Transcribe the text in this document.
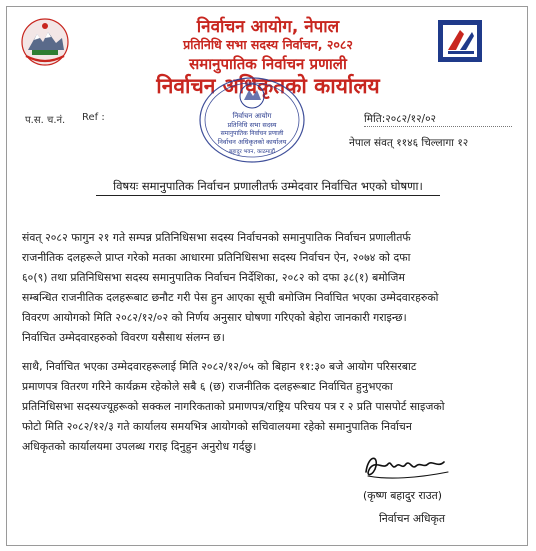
निर्वाचन आयोग, नेपाल
प्रतिनिधि सभा सदस्य निर्वाचन, २०८२
समानुपातिक निर्वाचन प्रणाली
निर्वाचन अधिकृतको कार्यालय
निर्वाचन आयोग
प्रतिनिधि सभा सदस्य
समानुपातिक निर्वाचन प्रणाली
निर्वाचन अधिकृतको कार्यालय
बहादुर भवन, काठमाडौं
प.स. च.नं. Ref :	मिति:२०८२/१२/०२
नेपाल संवत् ११४६ चिल्लागा १२
विषयः समानुपातिक निर्वाचन प्रणालीतर्फ उम्मेदवार निर्वाचित भएको घोषणा।
संवत् २०८२ फागुन २१ गते सम्पन्न प्रतिनिधिसभा सदस्य निर्वाचनको समानुपातिक निर्वाचन प्रणालीतर्फ
राजनीतिक दलहरूले प्राप्त गरेको मतका आधारमा प्रतिनिधिसभा सदस्य निर्वाचन ऐन, २०७४ को दफा
६०(९) तथा प्रतिनिधिसभा सदस्य समानुपातिक निर्वाचन निर्देशिका, २०८२ को दफा ३८(१) बमोजिम
सम्बन्धित राजनीतिक दलहरूबाट छनौट गरी पेस हुन आएका सूची बमोजिम निर्वाचित भएका उम्मेदवारहरुको
विवरण आयोगको मिति २०८२/१२/०२ को निर्णय अनुसार घोषणा गरिएको बेहोरा जानकारी गराइन्छ।
निर्वाचित उम्मेदवारहरुको विवरण यसैसाथ संलग्न छ।
साथै, निर्वाचित भएका उम्मेदवारहरूलाई मिति २०८२/१२/०५ को बिहान ११:३० बजे आयोग परिसरबाट
प्रमाणपत्र वितरण गरिने कार्यक्रम रहेकोले सबै ६ (छ) राजनीतिक दलहरूबाट निर्वाचित हुनुभएका
प्रतिनिधिसभा सदस्यज्यूहरूको सक्कल नागरिकताको प्रमाणपत्र/राष्ट्रिय परिचय पत्र र २ प्रति पासपोर्ट साइजको
फोटो मिति २०८२/१२/३ गते कार्यालय समयभित्र आयोगको सचिवालयमा रहेको समानुपातिक निर्वाचन
अधिकृतको कार्यालयमा उपलब्ध गराइ दिनुहुन अनुरोध गर्दछु।
(कृष्ण बहादुर राउत)
निर्वाचन अधिकृत
